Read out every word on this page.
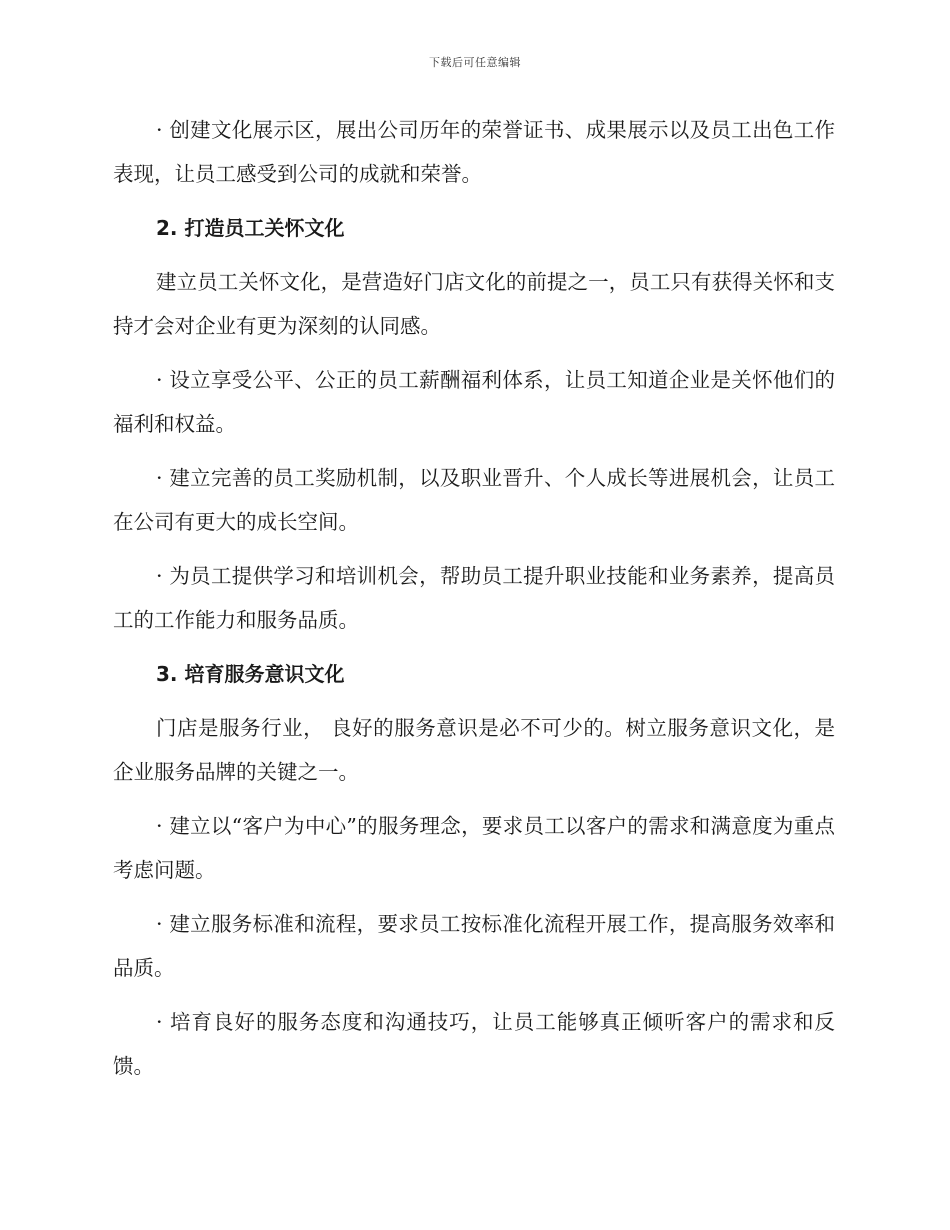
下载后可任意编辑

· 创建文化展示区，展出公司历年的荣誉证书、成果展示以及员工出色工作表现，让员工感受到公司的成就和荣誉。

2. 打造员工关怀文化

建立员工关怀文化，是营造好门店文化的前提之一，员工只有获得关怀和支持才会对企业有更为深刻的认同感。

· 设立享受公平、公正的员工薪酬福利体系，让员工知道企业是关怀他们的福利和权益。

· 建立完善的员工奖励机制，以及职业晋升、个人成长等进展机会，让员工在公司有更大的成长空间。

· 为员工提供学习和培训机会，帮助员工提升职业技能和业务素养，提高员工的工作能力和服务品质。

3. 培育服务意识文化

门店是服务行业， 良好的服务意识是必不可少的。树立服务意识文化，是企业服务品牌的关键之一。

· 建立以“客户为中心”的服务理念，要求员工以客户的需求和满意度为重点考虑问题。

· 建立服务标准和流程，要求员工按标准化流程开展工作，提高服务效率和品质。

· 培育良好的服务态度和沟通技巧，让员工能够真正倾听客户的需求和反馈。
